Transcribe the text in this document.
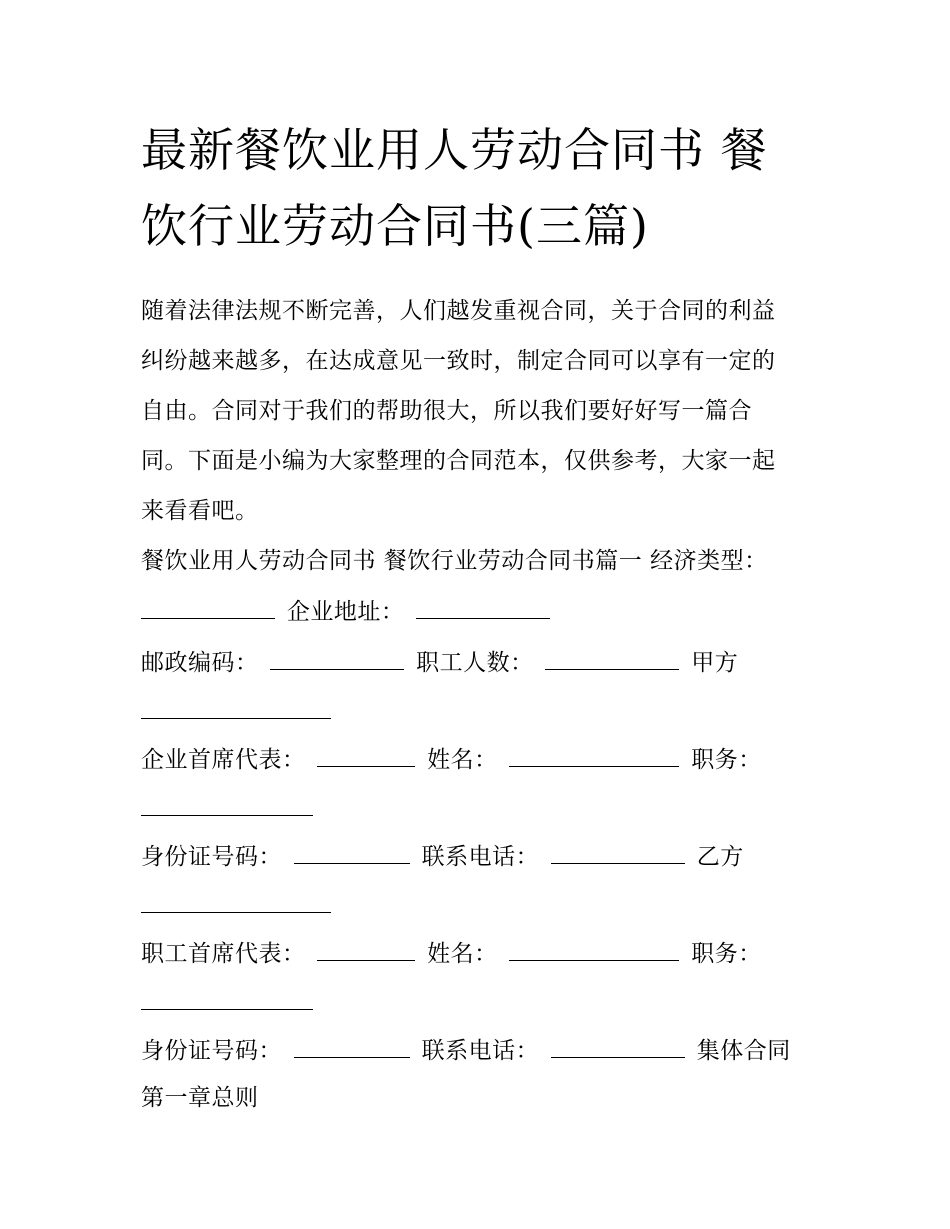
最新餐饮业用人劳动合同书 餐
饮行业劳动合同书(三篇)

随着法律法规不断完善，人们越发重视合同，关于合同的利益

纠纷越来越多，在达成意见一致时，制定合同可以享有一定的

自由。合同对于我们的帮助很大，所以我们要好好写一篇合

同。下面是小编为大家整理的合同范本，仅供参考，大家一起

来看看吧。

餐饮业用人劳动合同书 餐饮行业劳动合同书篇一 经济类型：
企业地址：
邮政编码：	职工人数：	甲方
企业首席代表：	姓名：	职务：
身份证号码：	联系电话：	乙方
职工首席代表：	姓名：	职务：
身份证号码：	联系电话：	集体合同
第一章总则
